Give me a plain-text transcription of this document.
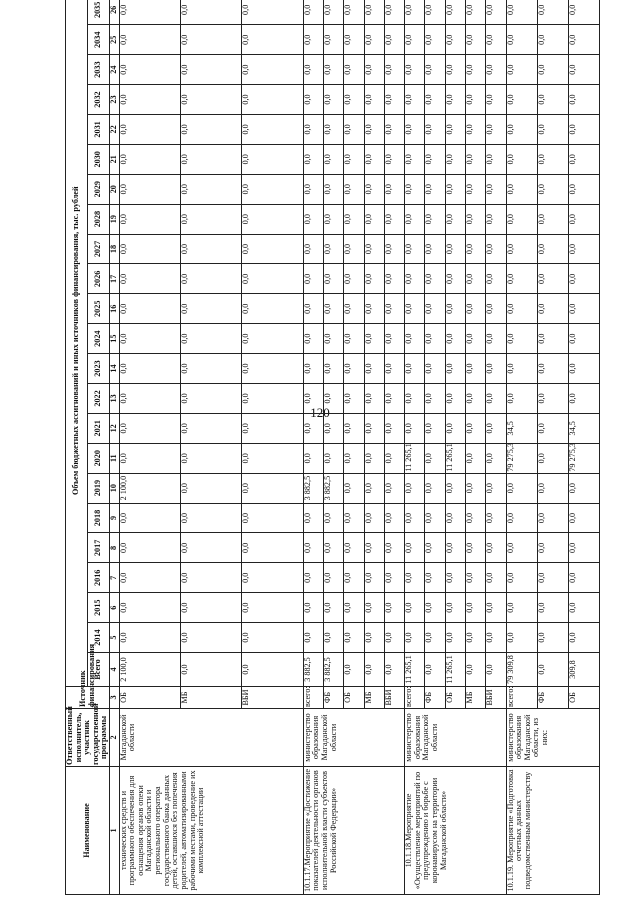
120
Наименование	Ответственный исполнитель, участник государственной программы	Источник финансирования	Объем бюджетных ассигнований и иных источников финансирования, тыс. рублей																						
			Всего	2014	2015	2016	2017	2018	2019	2020	2021	2022	2023	2024	2025	2026	2027	2028	2029	2030	2031	2032	2033	2034	2035
1	2	3	4	5	6	7	8	9	10	11	12	13	14	15	16	17	18	19	20	21	22	23	24	25	26
технических средств и программного обеспечения для оснащения органов опеки Магаданской области и регионального оператора государственного банка данных детей, оставшихся без попечения родителей, автоматизированными рабочими местами, проведение их комплексной аттестации	Магаданской области	ОБ	2 100,0	0,0	0,0	0,0	0,0	0,0	2 100,0	0,0	0,0	0,0	0,0	0,0	0,0	0,0	0,0	0,0	0,0	0,0	0,0	0,0	0,0	0,0	0,0
		МБ	0,0	0,0	0,0	0,0	0,0	0,0	0,0	0,0	0,0	0,0	0,0	0,0	0,0	0,0	0,0	0,0	0,0	0,0	0,0	0,0	0,0	0,0	0,0
		ВБИ	0,0	0,0	0,0	0,0	0,0	0,0	0,0	0,0	0,0	0,0	0,0	0,0	0,0	0,0	0,0	0,0	0,0	0,0	0,0	0,0	0,0	0,0	0,0
10.1.17.Мероприятие «Достижение показателей деятельности органов исполнительной власти субъектов Российской Федерации»	министерство образования Магаданской области	всего:	3 882,5	0,0	0,0	0,0	0,0	0,0	3 882,5	0,0	0,0	0,0	0,0	0,0	0,0	0,0	0,0	0,0	0,0	0,0	0,0	0,0	0,0	0,0	0,0
		ФБ	3 882,5	0,0	0,0	0,0	0,0	0,0	3 882,5	0,0	0,0	0,0	0,0	0,0	0,0	0,0	0,0	0,0	0,0	0,0	0,0	0,0	0,0	0,0	0,0
		ОБ	0,0	0,0	0,0	0,0	0,0	0,0	0,0	0,0	0,0	0,0	0,0	0,0	0,0	0,0	0,0	0,0	0,0	0,0	0,0	0,0	0,0	0,0	0,0
		МБ	0,0	0,0	0,0	0,0	0,0	0,0	0,0	0,0	0,0	0,0	0,0	0,0	0,0	0,0	0,0	0,0	0,0	0,0	0,0	0,0	0,0	0,0	0,0
		ВБИ	0,0	0,0	0,0	0,0	0,0	0,0	0,0	0,0	0,0	0,0	0,0	0,0	0,0	0,0	0,0	0,0	0,0	0,0	0,0	0,0	0,0	0,0	0,0
10.1.18.Мероприятие «Осуществление мероприятий по предупреждению и борьбе с коронавирусом на территории Магаданской области»	министерство образования Магаданской области	всего:	11 265,1	0,0	0,0	0,0	0,0	0,0	0,0	11 265,1	0,0	0,0	0,0	0,0	0,0	0,0	0,0	0,0	0,0	0,0	0,0	0,0	0,0	0,0	0,0
		ФБ	0,0	0,0	0,0	0,0	0,0	0,0	0,0	0,0	0,0	0,0	0,0	0,0	0,0	0,0	0,0	0,0	0,0	0,0	0,0	0,0	0,0	0,0	0,0
		ОБ	11 265,1	0,0	0,0	0,0	0,0	0,0	0,0	11 265,1	0,0	0,0	0,0	0,0	0,0	0,0	0,0	0,0	0,0	0,0	0,0	0,0	0,0	0,0	0,0
		МБ	0,0	0,0	0,0	0,0	0,0	0,0	0,0	0,0	0,0	0,0	0,0	0,0	0,0	0,0	0,0	0,0	0,0	0,0	0,0	0,0	0,0	0,0	0,0
		ВБИ	0,0	0,0	0,0	0,0	0,0	0,0	0,0	0,0	0,0	0,0	0,0	0,0	0,0	0,0	0,0	0,0	0,0	0,0	0,0	0,0	0,0	0,0	0,0
10.1.19. Мероприятие «Подготовка отчетных данных подведомственным министерству	министерство образования Магаданской области, из них:	всего:	79 309,8	0,0	0,0	0,0	0,0	0,0	0,0	79 275,3	34,5	0,0	0,0	0,0	0,0	0,0	0,0	0,0	0,0	0,0	0,0	0,0	0,0	0,0	0,0
		ФБ	0,0	0,0	0,0	0,0	0,0	0,0	0,0	0,0	0,0	0,0	0,0	0,0	0,0	0,0	0,0	0,0	0,0	0,0	0,0	0,0	0,0	0,0	0,0
		ОБ	309,8	0,0	0,0	0,0	0,0	0,0	0,0	79 275,3	34,5	0,0	0,0	0,0	0,0	0,0	0,0	0,0	0,0	0,0	0,0	0,0	0,0	0,0	0,0
